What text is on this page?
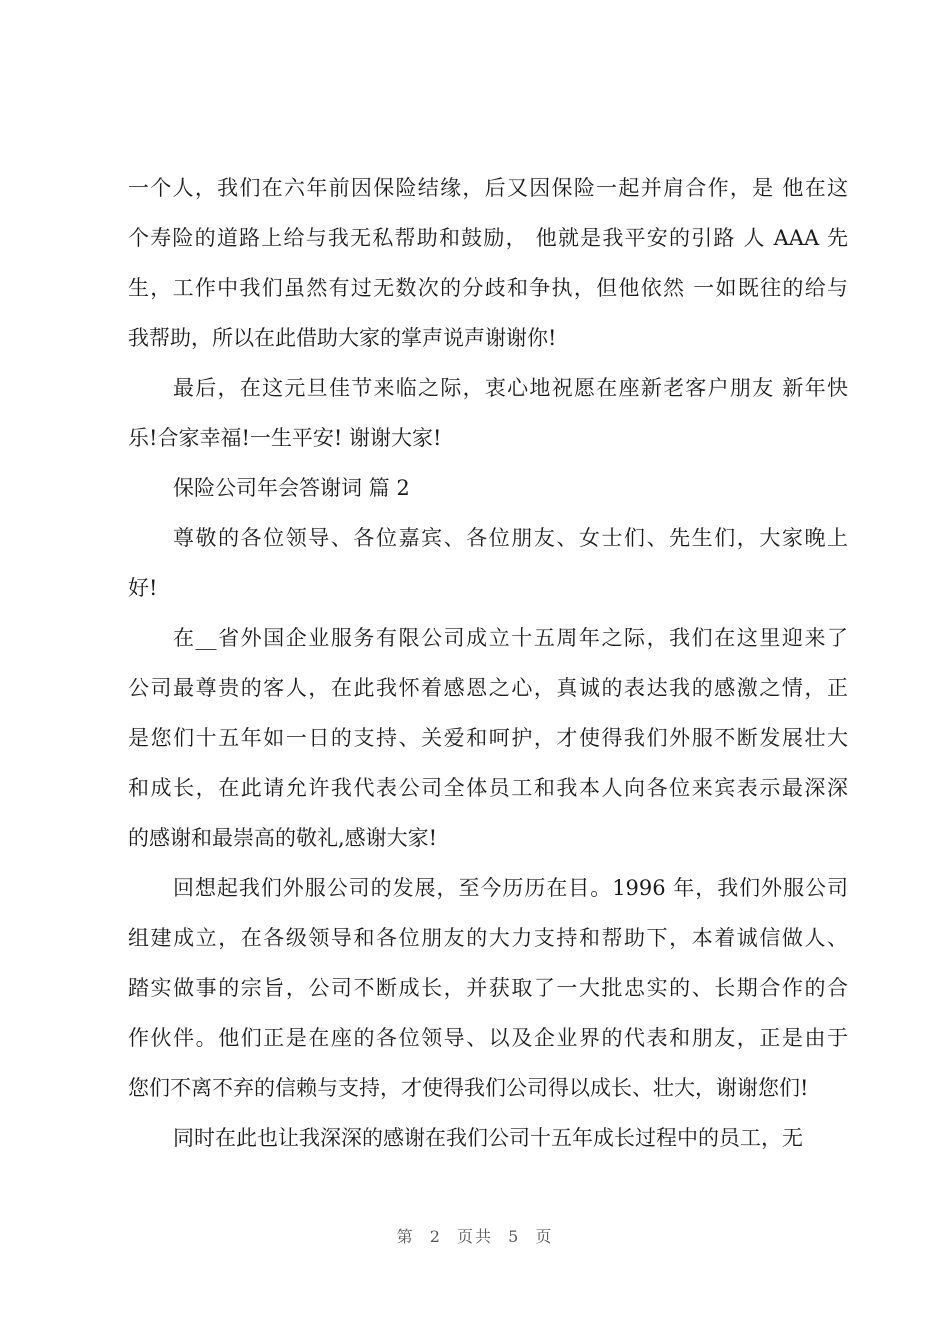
一个人，我们在六年前因保险结缘，后又因保险一起并肩合作，是 他在这
个寿险的道路上给与我无私帮助和鼓励， 他就是我平安的引路 人 AAA 先
生，工作中我们虽然有过无数次的分歧和争执，但他依然 一如既往的给与
我帮助，所以在此借助大家的掌声说声谢谢你!
最后，在这元旦佳节来临之际，衷心地祝愿在座新老客户朋友 新年快
乐!合家幸福!一生平安! 谢谢大家!
保险公司年会答谢词 篇 2
尊敬的各位领导、各位嘉宾、各位朋友、女士们、先生们，大家晚上
好!
在__省外国企业服务有限公司成立十五周年之际，我们在这里迎来了
公司最尊贵的客人，在此我怀着感恩之心，真诚的表达我的感激之情，正
是您们十五年如一日的支持、关爱和呵护，才使得我们外服不断发展壮大
和成长，在此请允许我代表公司全体员工和我本人向各位来宾表示最深深
的感谢和最崇高的敬礼,感谢大家!
回想起我们外服公司的发展，至今历历在目。1996 年，我们外服公司
组建成立，在各级领导和各位朋友的大力支持和帮助下，本着诚信做人、
踏实做事的宗旨，公司不断成长，并获取了一大批忠实的、长期合作的合
作伙伴。他们正是在座的各位领导、以及企业界的代表和朋友，正是由于
您们不离不弃的信赖与支持，才使得我们公司得以成长、壮大，谢谢您们!
同时在此也让我深深的感谢在我们公司十五年成长过程中的员工，无
第 2 页共 5 页
